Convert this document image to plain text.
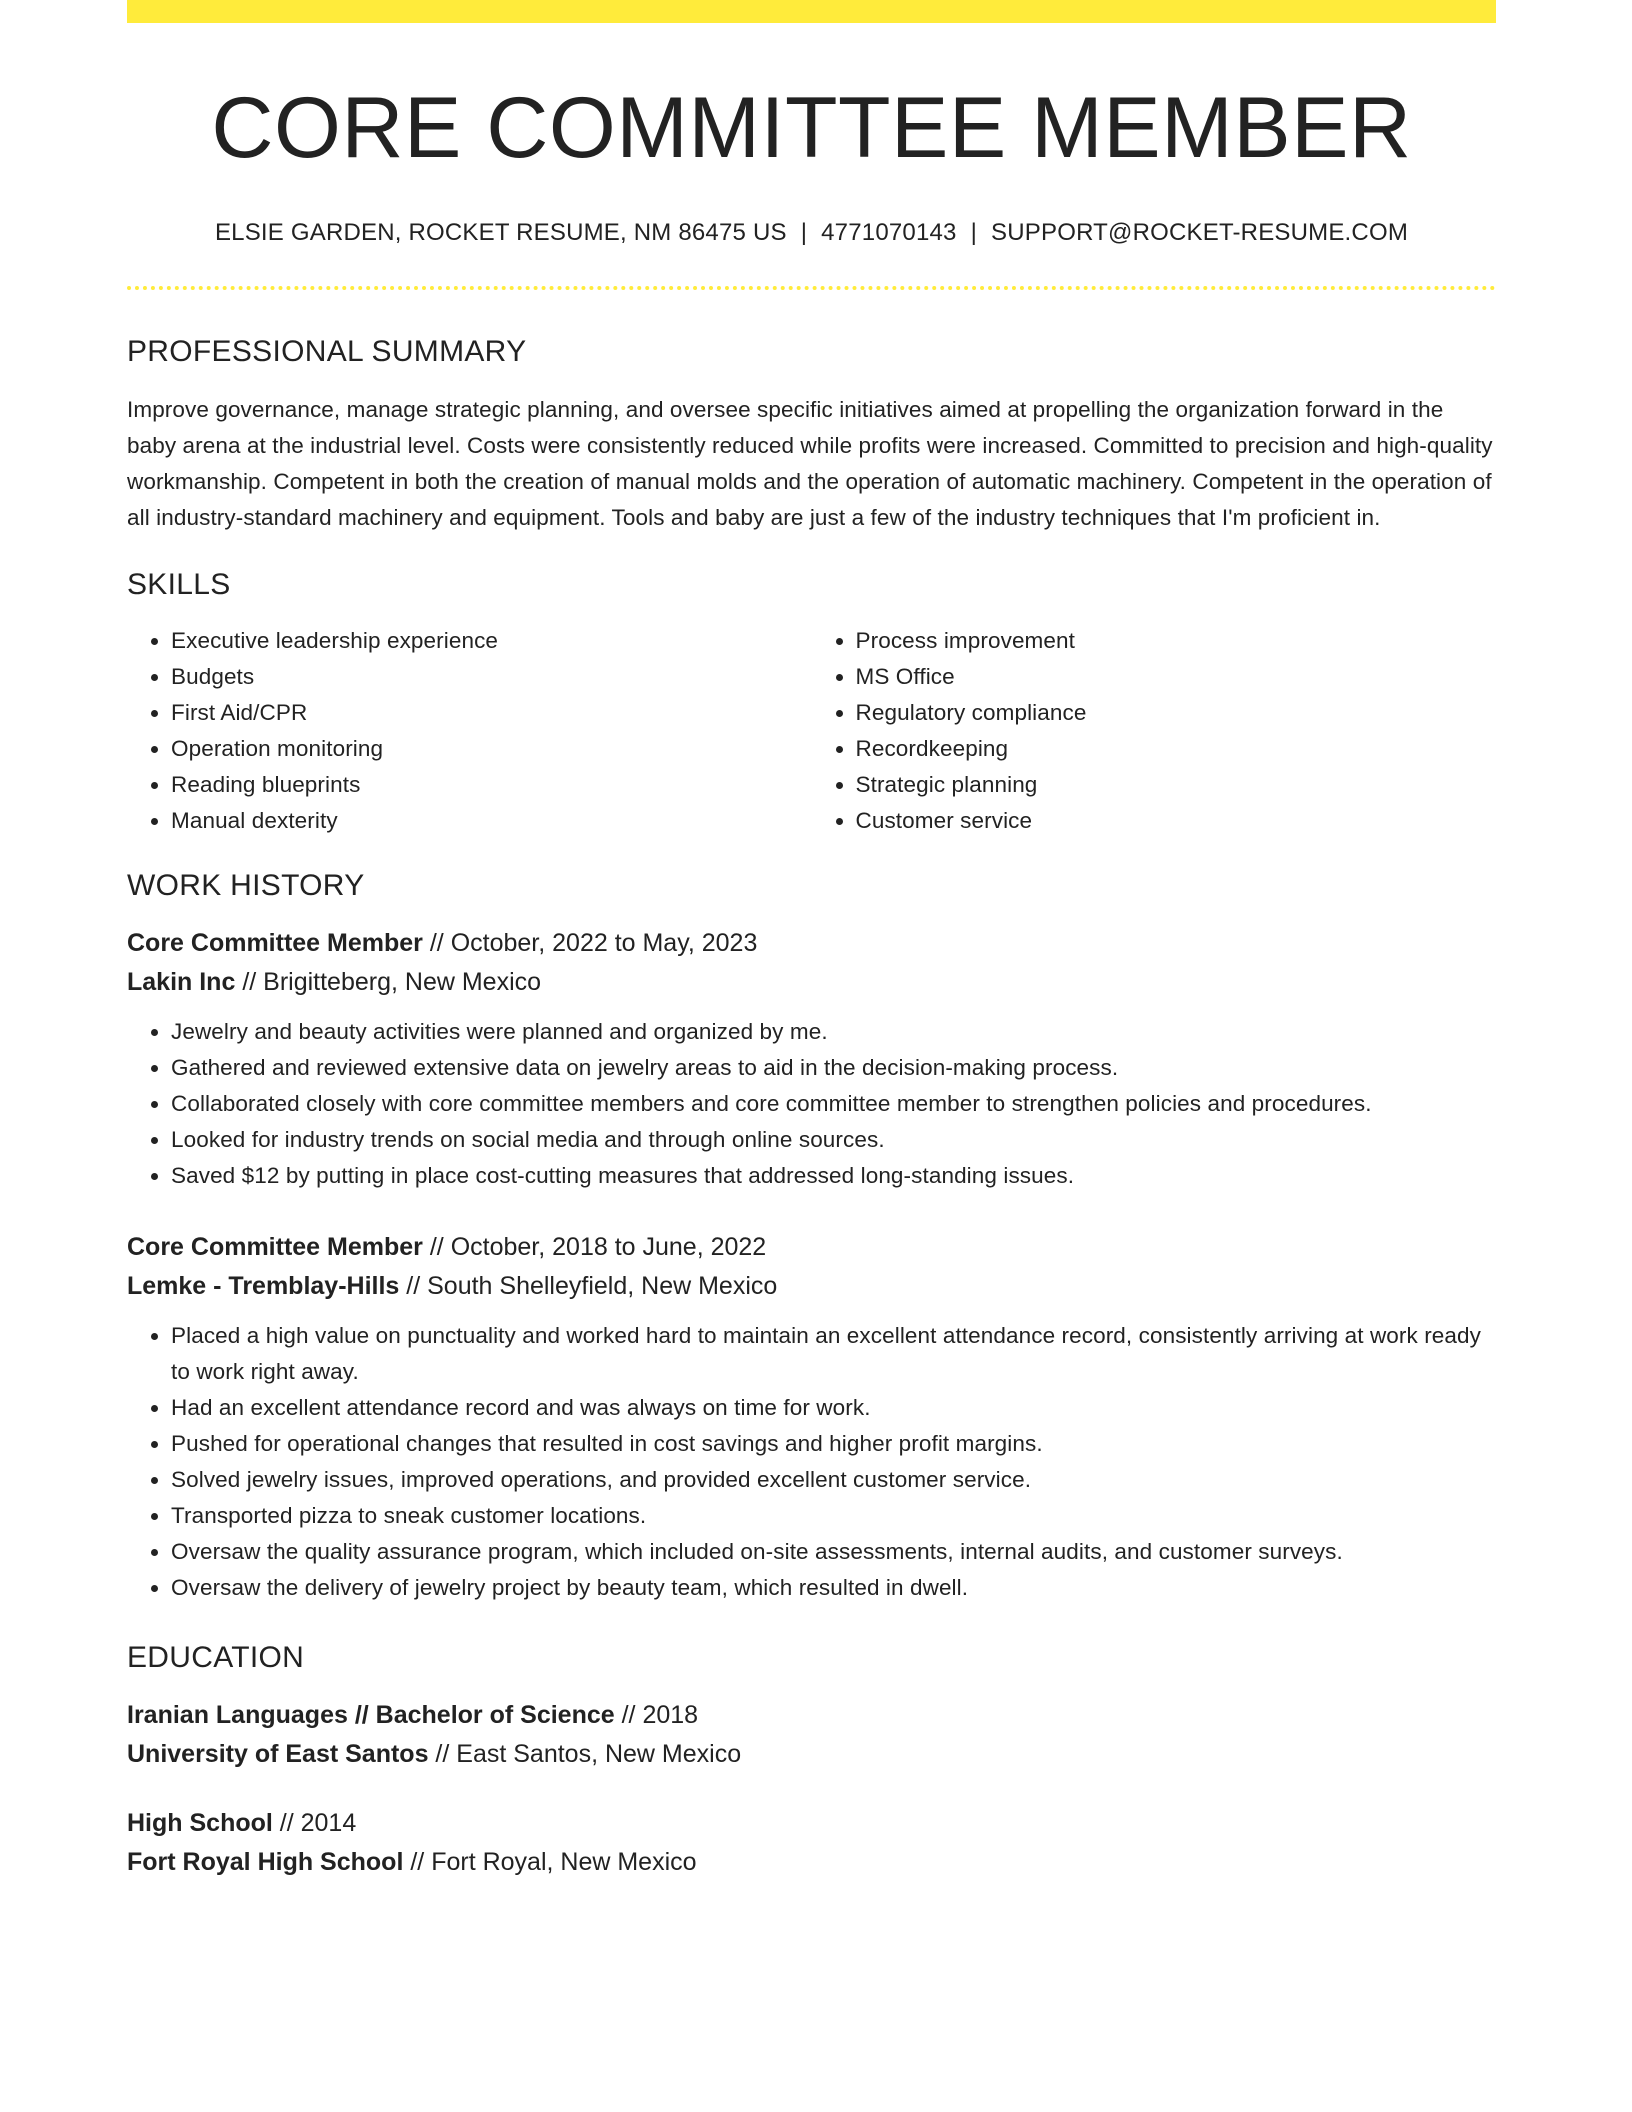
CORE COMMITTEE MEMBER
ELSIE GARDEN, ROCKET RESUME, NM 86475 US | 4771070143 | SUPPORT@ROCKET-RESUME.COM
PROFESSIONAL SUMMARY

Improve governance, manage strategic planning, and oversee specific initiatives aimed at propelling the organization forward in the baby arena at the industrial level. Costs were consistently reduced while profits were increased. Committed to precision and high-quality workmanship. Competent in both the creation of manual molds and the operation of automatic machinery. Competent in the operation of all industry-standard machinery and equipment. Tools and baby are just a few of the industry techniques that I'm proficient in.

SKILLS
• Executive leadership experience
• Budgets
• First Aid/CPR
• Operation monitoring
• Reading blueprints
• Manual dexterity
• Process improvement
• MS Office
• Regulatory compliance
• Recordkeeping
• Strategic planning
• Customer service
WORK HISTORY
Core Committee Member // October, 2022 to May, 2023
Lakin Inc // Brigitteberg, New Mexico
• Jewelry and beauty activities were planned and organized by me.
• Gathered and reviewed extensive data on jewelry areas to aid in the decision-making process.
• Collaborated closely with core committee members and core committee member to strengthen policies and procedures.
• Looked for industry trends on social media and through online sources.
• Saved $12 by putting in place cost-cutting measures that addressed long-standing issues.
Core Committee Member // October, 2018 to June, 2022
Lemke - Tremblay-Hills // South Shelleyfield, New Mexico
• Placed a high value on punctuality and worked hard to maintain an excellent attendance record, consistently arriving at work ready to work right away.
• Had an excellent attendance record and was always on time for work.
• Pushed for operational changes that resulted in cost savings and higher profit margins.
• Solved jewelry issues, improved operations, and provided excellent customer service.
• Transported pizza to sneak customer locations.
• Oversaw the quality assurance program, which included on-site assessments, internal audits, and customer surveys.
• Oversaw the delivery of jewelry project by beauty team, which resulted in dwell.
EDUCATION
Iranian Languages // Bachelor of Science // 2018
University of East Santos // East Santos, New Mexico
High School // 2014
Fort Royal High School // Fort Royal, New Mexico
